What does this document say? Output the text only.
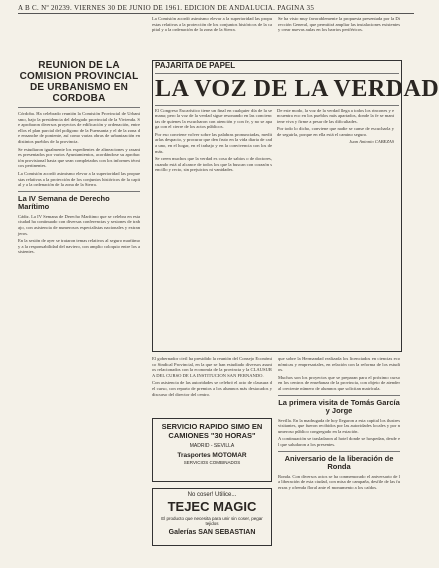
A B C. Nº 20239. VIERNES 30 DE JUNIO DE 1961. EDICION DE ANDALUCIA. PAGINA 35
REUNION DE LA COMISION PROVINCIAL DE URBANISMO EN CORDOBA

Córdoba. Ha celebrado reunión la Comisión Provincial de Urbanismo, bajo la presidencia del delegado provincial de la Vivienda. Se aprobaron diversos proyectos de edificación y ordenación, entre ellos el plan parcial del polígono de la Fuensanta y el de la zona de ensanche de poniente, así como varias obras de urbanización en distintos pueblos de la provincia.

Se estudiaron igualmente los expedientes de alineaciones y rasantes presentados por varios Ayuntamientos, acordándose su aprobación provisional hasta que sean completados con los informes técnicos pertinentes.

La Comisión acordó asimismo elevar a la superioridad las propuestas relativas a la protección de los conjuntos históricos de la capital y a la ordenación de la zona de la Sierra.

La IV Semana de Derecho Marítimo

Cádiz. La IV Semana de Derecho Marítimo que se celebra en esta ciudad ha continuado con diversas conferencias y sesiones de trabajo, con asistencia de numerosos especialistas nacionales y extranjeros.

En la sesión de ayer se trataron temas relativos al seguro marítimo y a la responsabilidad del naviero, con amplio coloquio entre los asistentes.

PAJARITA DE PAPEL
LA VOZ DE LA VERDAD

El Congreso Eucarístico tiene un final en cualquier día de la semana; pero la voz de la verdad sigue resonando en las conciencias de quienes la escucharon con atención y con fe, y no se apaga con el cierre de los actos públicos.

Por eso conviene volver sobre las palabras pronunciadas, meditarlas despacio, y procurar que den fruto en la vida diaria de cada uno, en el hogar, en el trabajo y en la convivencia con los demás.

Se creen muchos que la verdad es cosa de sabios o de doctores, cuando está al alcance de todos los que la buscan con corazón sencillo y recto, sin prejuicios ni vanidades.

De este modo, la voz de la verdad llega a todos los rincones y encuentra eco en los pueblos más apartados, donde la fe se mantiene viva y firme a pesar de las dificultades.

Por todo lo dicho, conviene que nadie se canse de escucharla y de seguirla, porque en ella está el camino seguro.

Juan Antonio CABEZAS

El gobernador civil ha presidido la reunión del Consejo Económico Sindical Provincial, en la que se han estudiado diversos asuntos relacionados con la economía de la provincia y la CLAUSURA DEL CURSO DE LA INSTITUCION SAN FERNANDO.

Con asistencia de las autoridades se celebró el acto de clausura del curso, con reparto de premios a los alumnos más destacados y discurso del director del centro.

SERVICIO RAPIDO SIMO EN CAMIONES "30 HORAS"
MADRID - SEVILLA
Trasportes MOTOMAR
SERVICIOS COMBINADOS
No coser! Utilice...
TEJEC MAGIC
El producto que necesita para unir sin coser, pegar tejidos
Galerías SAN SEBASTIAN

que sobre la Hermandad realizada los licenciados en ciencias económicas y empresariales, en relación con la reforma de los estudios.

Muchos son los proyectos que se preparan para el próximo curso en los centros de enseñanza de la provincia, con objeto de atender al creciente número de alumnos que solicitan matrícula.

La primera visita de Tomás García y Jorge

Sevilla. En la madrugada de hoy llegaron a esta capital los ilustres visitantes, que fueron recibidos por las autoridades locales y por numeroso público congregado en la estación.

A continuación se trasladaron al hotel donde se hospedan, desde el que saludaron a los presentes.

Aniversario de la liberación de Ronda

Ronda. Con diversos actos se ha conmemorado el aniversario de la liberación de esta ciudad, con misa de campaña, desfile de las fuerzas y ofrenda floral ante el monumento a los caídos.

Se ha visto muy favorablemente la propuesta presentada por la Dirección General, que permitirá ampliar las instalaciones existentes y crear nuevas aulas en los barrios periféricos.

La Comisión acordó asimismo elevar a la superioridad las propuestas relativas a la protección de los conjuntos históricos de la capital y a la ordenación de la zona de la Sierra.
